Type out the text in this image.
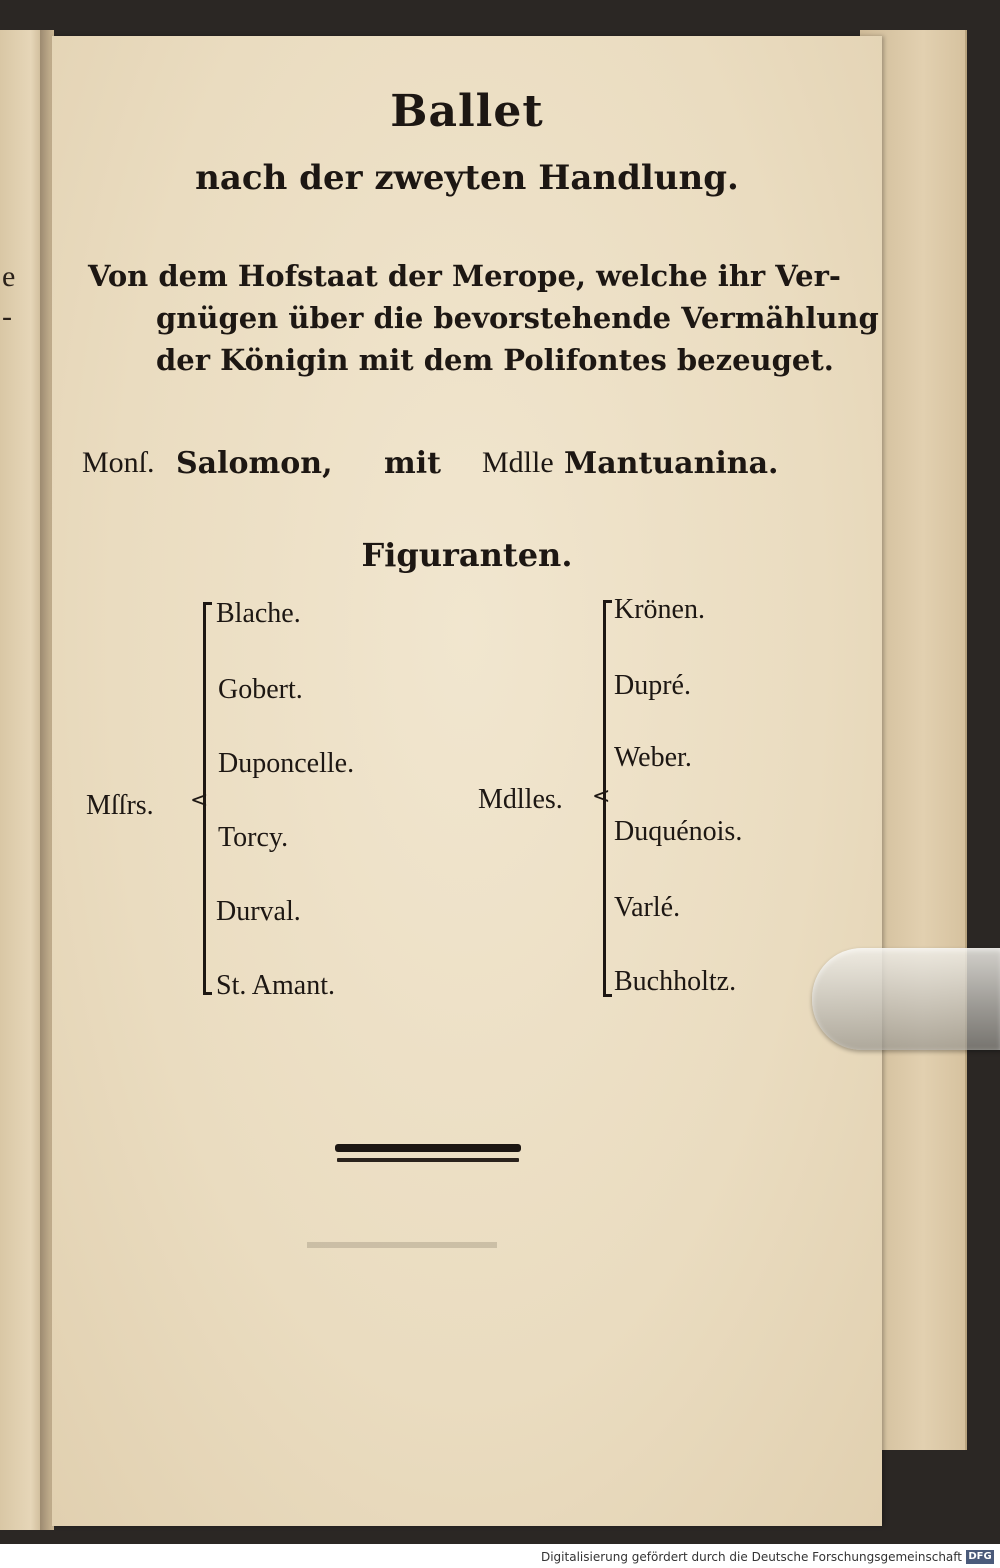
e
-
Ballet
nach der zweyten Handlung.
Von dem Hofstaat der Merope, welche ihr Ver-
gnügen über die bevorstehende Vermählung
der Königin mit dem Polifontes bezeuget.
Monſ. Salomon, mit Mdlle Mantuanina.
Figuranten.
Mſſrs. <
Blache.
Gobert.
Duponcelle.
Torcy.
Durval.
St. Amant.
Mdlles. <
Krönen.
Dupré.
Weber.
Duquénois.
Varlé.
Buchholtz.
Digitalisierung gefördert durch die Deutsche Forschungsgemeinschaft DFG
